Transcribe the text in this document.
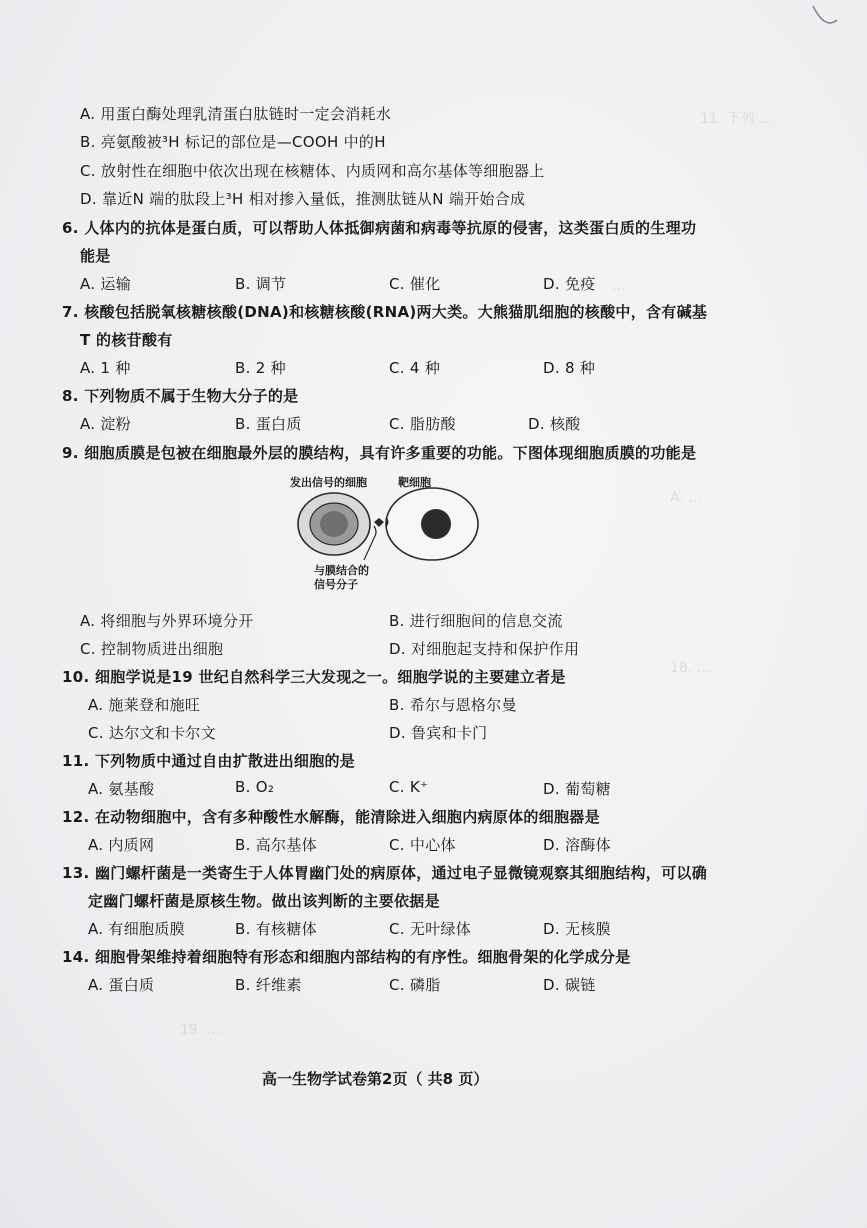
11. 下列 …
…
A. …
18. …
19. …
A. 用蛋白酶处理乳清蛋白肽链时一定会消耗水
B. 亮氨酸被³H 标记的部位是—COOH 中的H
C. 放射性在细胞中依次出现在核糖体、内质网和高尔基体等细胞器上
D. 靠近N 端的肽段上³H 相对掺入量低，推测肽链从N 端开始合成
6. 人体内的抗体是蛋白质，可以帮助人体抵御病菌和病毒等抗原的侵害，这类蛋白质的生理功
能是
A. 运输	B. 调节	C. 催化	D. 免疫
7. 核酸包括脱氧核糖核酸(DNA)和核糖核酸(RNA)两大类。大熊猫肌细胞的核酸中，含有碱基
T 的核苷酸有
A. 1 种	B. 2 种	C. 4 种	D. 8 种
8. 下列物质不属于生物大分子的是
A. 淀粉	B. 蛋白质	C. 脂肪酸	D. 核酸
9. 细胞质膜是包被在细胞最外层的膜结构，具有许多重要的功能。下图体现细胞质膜的功能是
发出信号的细胞	靶细胞
与膜结合的
信号分子
A. 将细胞与外界环境分开	B. 进行细胞间的信息交流
C. 控制物质进出细胞	D. 对细胞起支持和保护作用
10. 细胞学说是19 世纪自然科学三大发现之一。细胞学说的主要建立者是
A. 施莱登和施旺	B. 希尔与恩格尔曼
C. 达尔文和卡尔文	D. 鲁宾和卡门
11. 下列物质中通过自由扩散进出细胞的是
A. 氨基酸	B. O₂	C. K⁺	D. 葡萄糖
12. 在动物细胞中，含有多种酸性水解酶，能清除进入细胞内病原体的细胞器是
A. 内质网	B. 高尔基体	C. 中心体	D. 溶酶体
13. 幽门螺杆菌是一类寄生于人体胃幽门处的病原体，通过电子显微镜观察其细胞结构，可以确
定幽门螺杆菌是原核生物。做出该判断的主要依据是
A. 有细胞质膜	B. 有核糖体	C. 无叶绿体	D. 无核膜
14. 细胞骨架维持着细胞特有形态和细胞内部结构的有序性。细胞骨架的化学成分是
A. 蛋白质	B. 纤维素	C. 磷脂	D. 碳链
高一生物学试卷第2页（ 共8 页）
